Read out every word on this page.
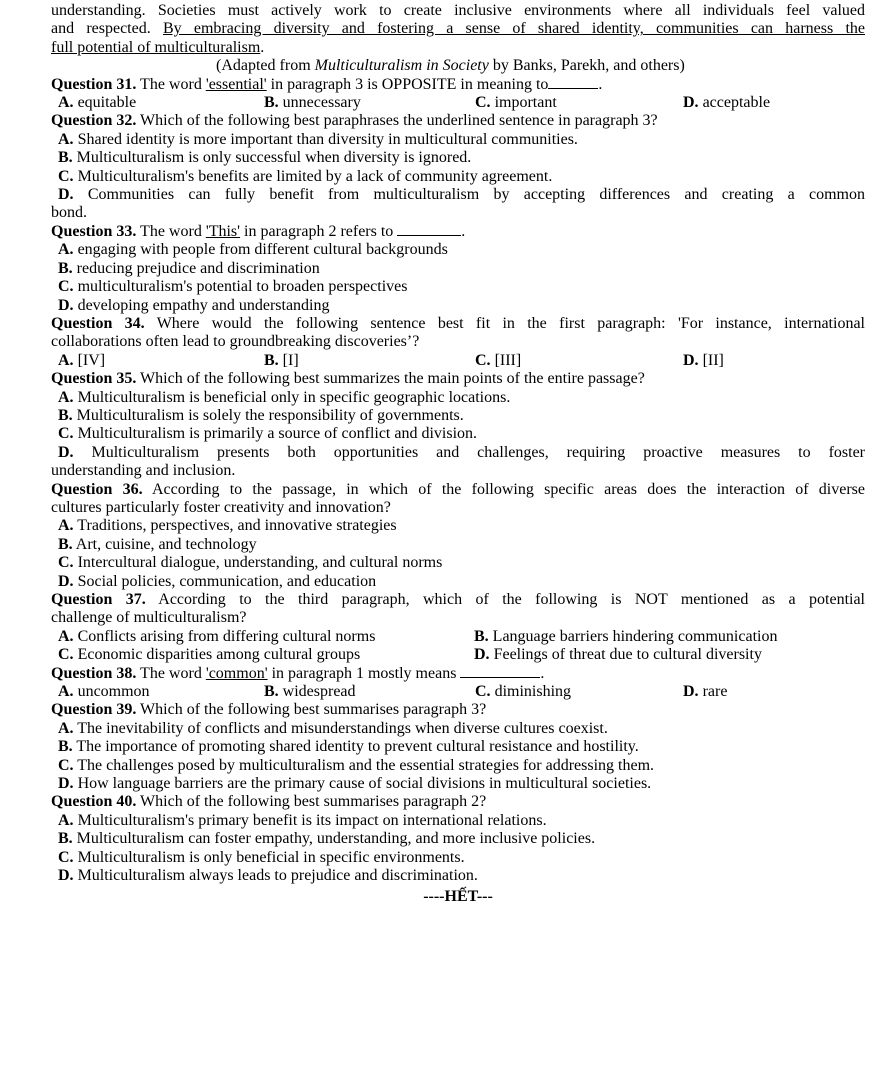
understanding. Societies must actively work to create inclusive environments where all individuals feel valued

and respected. By embracing diversity and fostering a sense of shared identity, communities can harness the

full potential of multiculturalism.

(Adapted from Multiculturalism in Society by Banks, Parekh, and others)

Question 31. The word 'essential' in paragraph 3 is OPPOSITE in meaning to	.

A. equitable	B. unnecessary	C. important	D. acceptable

Question 32. Which of the following best paraphrases the underlined sentence in paragraph 3?

A. Shared identity is more important than diversity in multicultural communities.

B. Multiculturalism is only successful when diversity is ignored.

C. Multiculturalism's benefits are limited by a lack of community agreement.

D. Communities can fully benefit from multiculturalism by accepting differences and creating a common

bond.

Question 33. The word 'This' in paragraph 2 refers to	.

A. engaging with people from different cultural backgrounds

B. reducing prejudice and discrimination

C. multiculturalism's potential to broaden perspectives

D. developing empathy and understanding

Question 34. Where would the following sentence best fit in the first paragraph: 'For instance, international

collaborations often lead to groundbreaking discoveries’?

A. [IV]	B. [I]	C. [III]	D. [II]

Question 35. Which of the following best summarizes the main points of the entire passage?

A. Multiculturalism is beneficial only in specific geographic locations.

B. Multiculturalism is solely the responsibility of governments.

C. Multiculturalism is primarily a source of conflict and division.

D. Multiculturalism presents both opportunities and challenges, requiring proactive measures to foster

understanding and inclusion.

Question 36. According to the passage, in which of the following specific areas does the interaction of diverse

cultures particularly foster creativity and innovation?

A. Traditions, perspectives, and innovative strategies

B. Art, cuisine, and technology

C. Intercultural dialogue, understanding, and cultural norms

D. Social policies, communication, and education

Question 37. According to the third paragraph, which of the following is NOT mentioned as a potential

challenge of multiculturalism?

A. Conflicts arising from differing cultural norms	B. Language barriers hindering communication
C. Economic disparities among cultural groups	D. Feelings of threat due to cultural diversity

Question 38. The word 'common' in paragraph 1 mostly means	.

A. uncommon	B. widespread	C. diminishing	D. rare

Question 39. Which of the following best summarises paragraph 3?

A. The inevitability of conflicts and misunderstandings when diverse cultures coexist.

B. The importance of promoting shared identity to prevent cultural resistance and hostility.

C. The challenges posed by multiculturalism and the essential strategies for addressing them.

D. How language barriers are the primary cause of social divisions in multicultural societies.

Question 40. Which of the following best summarises paragraph 2?

A. Multiculturalism's primary benefit is its impact on international relations.

B. Multiculturalism can foster empathy, understanding, and more inclusive policies.

C. Multiculturalism is only beneficial in specific environments.

D. Multiculturalism always leads to prejudice and discrimination.

----HẾT---
